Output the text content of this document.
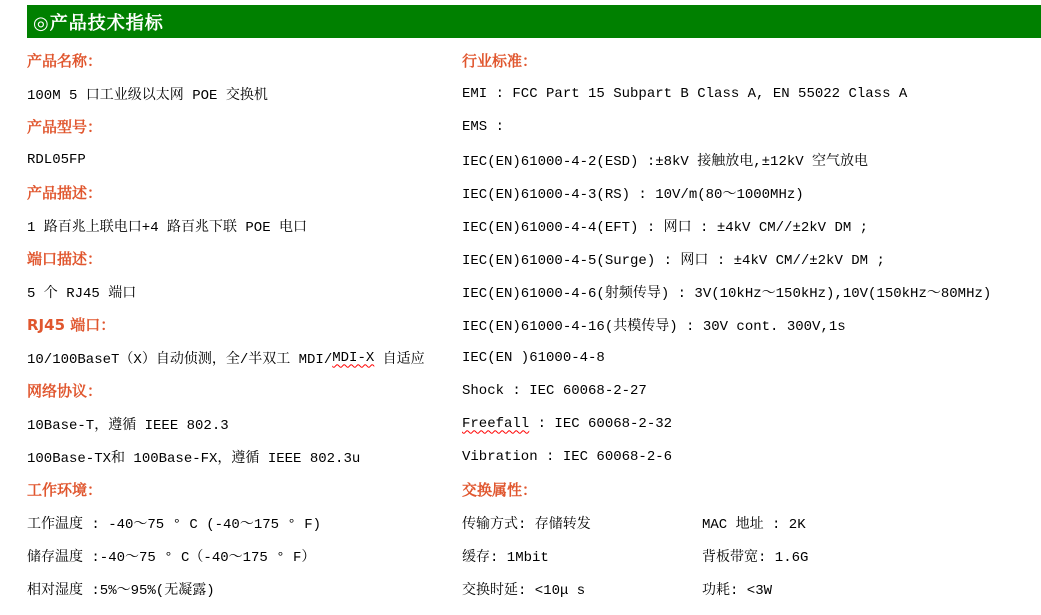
◎产品技术指标
产品名称：
100M 5 口工业级以太网 POE 交换机
产品型号：
RDL05FP
产品描述：
1 路百兆上联电口+4 路百兆下联 POE 电口
端口描述：
5 个 RJ45 端口
RJ45 端口：
10/100BaseT（X）自动侦测，全/半双工 MDI/ MDI-X 自适应
网络协议：
10Base-T，遵循 IEEE 802.3
100Base-TX和 100Base-FX，遵循 IEEE 802.3u
工作环境：
工作温度 : -40～75 ° C (-40～175 ° F)
储存温度 :-40～75 ° C（-40～175 ° F）
相对湿度 :5%～95%(无凝露)
行业标准：
EMI : FCC Part 15 Subpart B Class A, EN 55022 Class A
EMS :
IEC(EN)61000-4-2(ESD) :±8kV 接触放电,±12kV 空气放电
IEC(EN)61000-4-3(RS) : 10V/m(80～1000MHz)
IEC(EN)61000-4-4(EFT) : 网口 : ±4kV CM//±2kV DM ;
IEC(EN)61000-4-5(Surge) : 网口 : ±4kV CM//±2kV DM ;
IEC(EN)61000-4-6(射频传导) : 3V(10kHz～150kHz),10V(150kHz～80MHz)
IEC(EN)61000-4-16(共模传导) : 30V cont. 300V,1s
IEC(EN )61000-4-8
Shock : IEC 60068-2-27
Freefall : IEC 60068-2-32
Vibration : IEC 60068-2-6
交换属性：
传输方式: 存储转发	MAC 地址 : 2K
缓存: 1Mbit	背板带宽: 1.6G
交换时延: <10μ s	功耗: <3W
